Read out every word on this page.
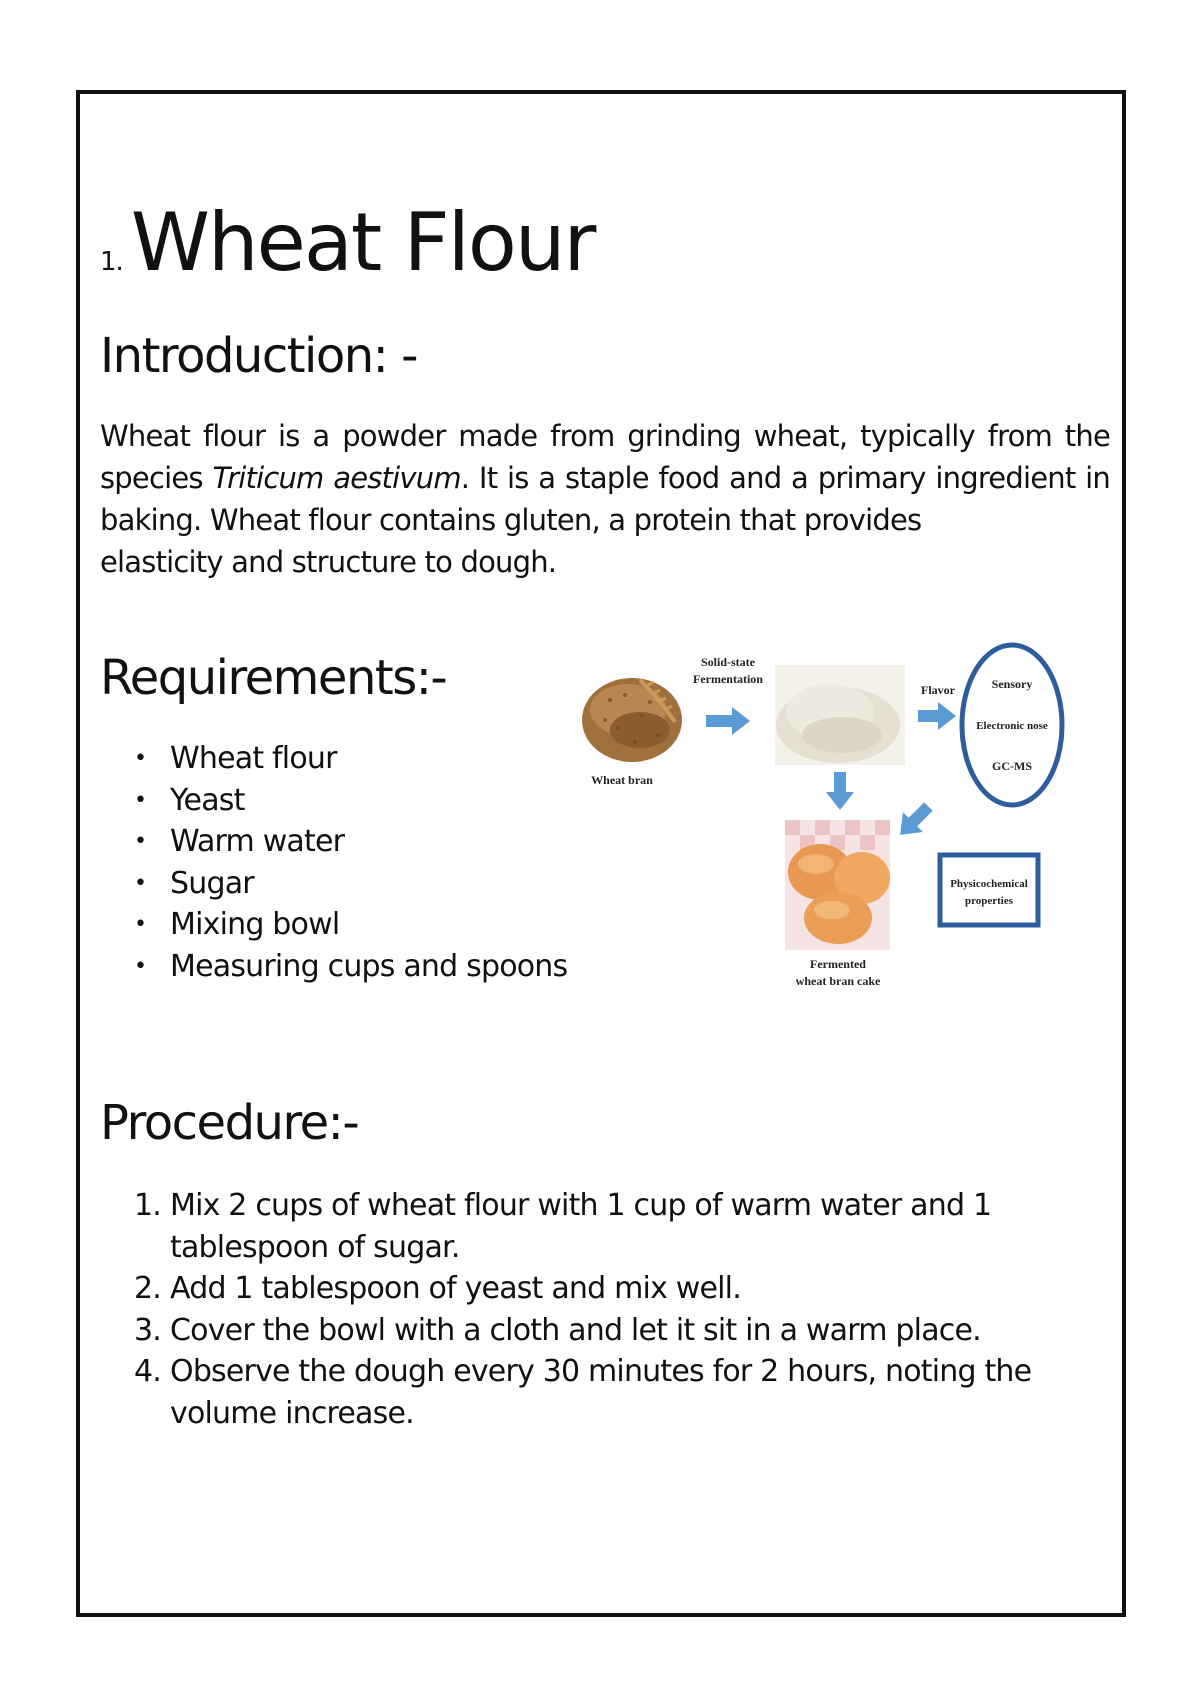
1. Wheat Flour
Introduction: -
Wheat flour is a powder made from grinding wheat, typically from the
species Triticum aestivum. It is a staple food and a primary ingredient in
baking. Wheat flour contains gluten, a protein that provides
elasticity and structure to dough.
Requirements:-
• Wheat flour
• Yeast
• Warm water
• Sugar
• Mixing bowl
• Measuring cups and spoons
Wheat bran
Solid-state
Fermentation
Flavor	Sensory
Electronic nose
GC-MS
Fermented
wheat bran cake
Physicochemical
properties
Procedure:-
1. Mix 2 cups of wheat flour with 1 cup of warm water and 1 tablespoon of sugar.
2. Add 1 tablespoon of yeast and mix well.
3. Cover the bowl with a cloth and let it sit in a warm place.
4. Observe the dough every 30 minutes for 2 hours, noting the volume increase.
